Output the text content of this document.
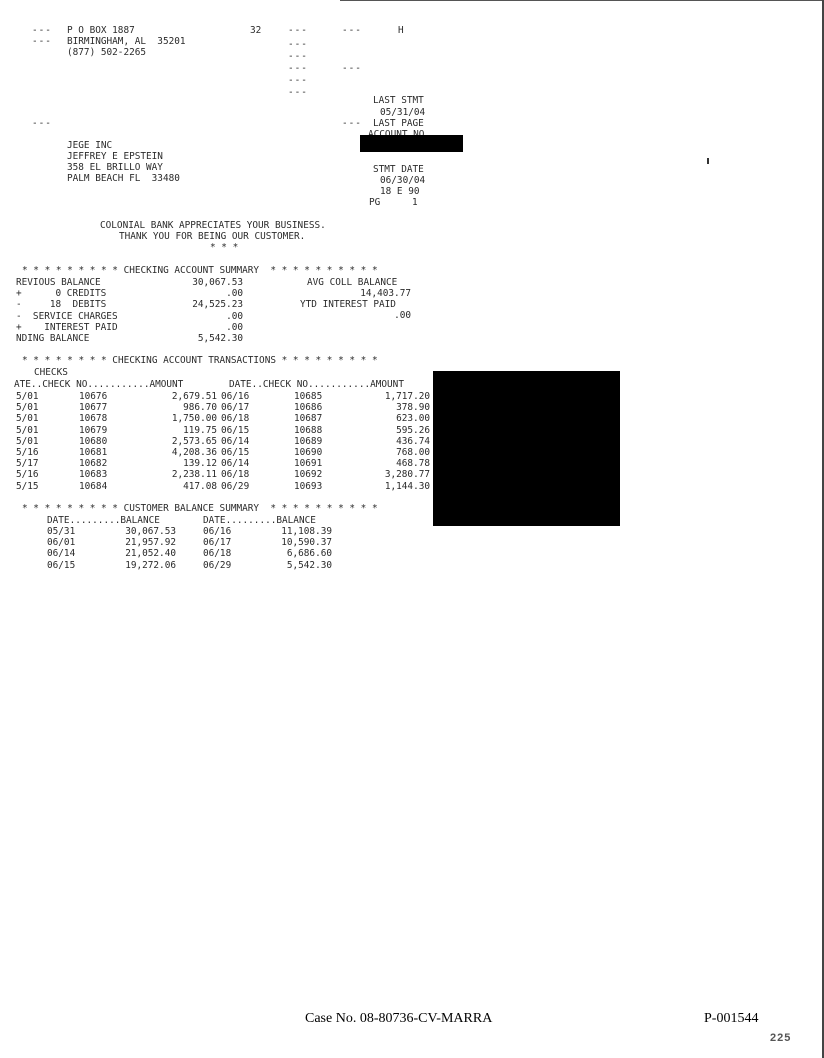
---
---
P O BOX 1887
BIRMINGHAM, AL  35201
(877) 502-2265
32	---
---
---
---
---
---
---
---
H
LAST STMT
05/31/04
---	--- LAST PAGE
STMT DATE
06/30/04
18 E 90
PG	1
JEGE INC
JEFFREY E EPSTEIN
358 EL BRILLO WAY
PALM BEACH FL  33480
COLONIAL BANK APPRECIATES YOUR BUSINESS.
THANK YOU FOR BEING OUR CUSTOMER.
* * *
* * * * * * * * * CHECKING ACCOUNT SUMMARY  * * * * * * * * * *
REVIOUS BALANCE	30,067.53
+      0 CREDITS	.00
-     18  DEBITS	24,525.23
-  SERVICE CHARGES	.00
+    INTEREST PAID	.00
NDING BALANCE	5,542.30
AVG COLL BALANCE
14,403.77
YTD INTEREST PAID
.00
* * * * * * * * CHECKING ACCOUNT TRANSACTIONS * * * * * * * * *
CHECKS
ATE..CHECK NO...........AMOUNT	DATE..CHECK NO...........AMOUNT
5/01	10676	2,679.51 06/16	10685	1,717.20
5/01	10677	986.70 06/17	10686	378.90
5/01	10678	1,750.00 06/18	10687	623.00
5/01	10679	119.75 06/15	10688	595.26
5/01	10680	2,573.65 06/14	10689	436.74
5/16	10681	4,208.36 06/15	10690	768.00
5/17	10682	139.12 06/14	10691	468.78
5/16	10683	2,238.11 06/18	10692	3,280.77
5/15	10684	417.08 06/29	10693	1,144.30
* * * * * * * * * CUSTOMER BALANCE SUMMARY  * * * * * * * * * *
DATE.........BALANCE	DATE.........BALANCE
05/31	30,067.53	06/16	11,108.39
06/01	21,957.92	06/17	10,590.37
06/14	21,052.40	06/18	6,686.60
06/15	19,272.06	06/29	5,542.30
Case No. 08-80736-CV-MARRA	P-001544
225
